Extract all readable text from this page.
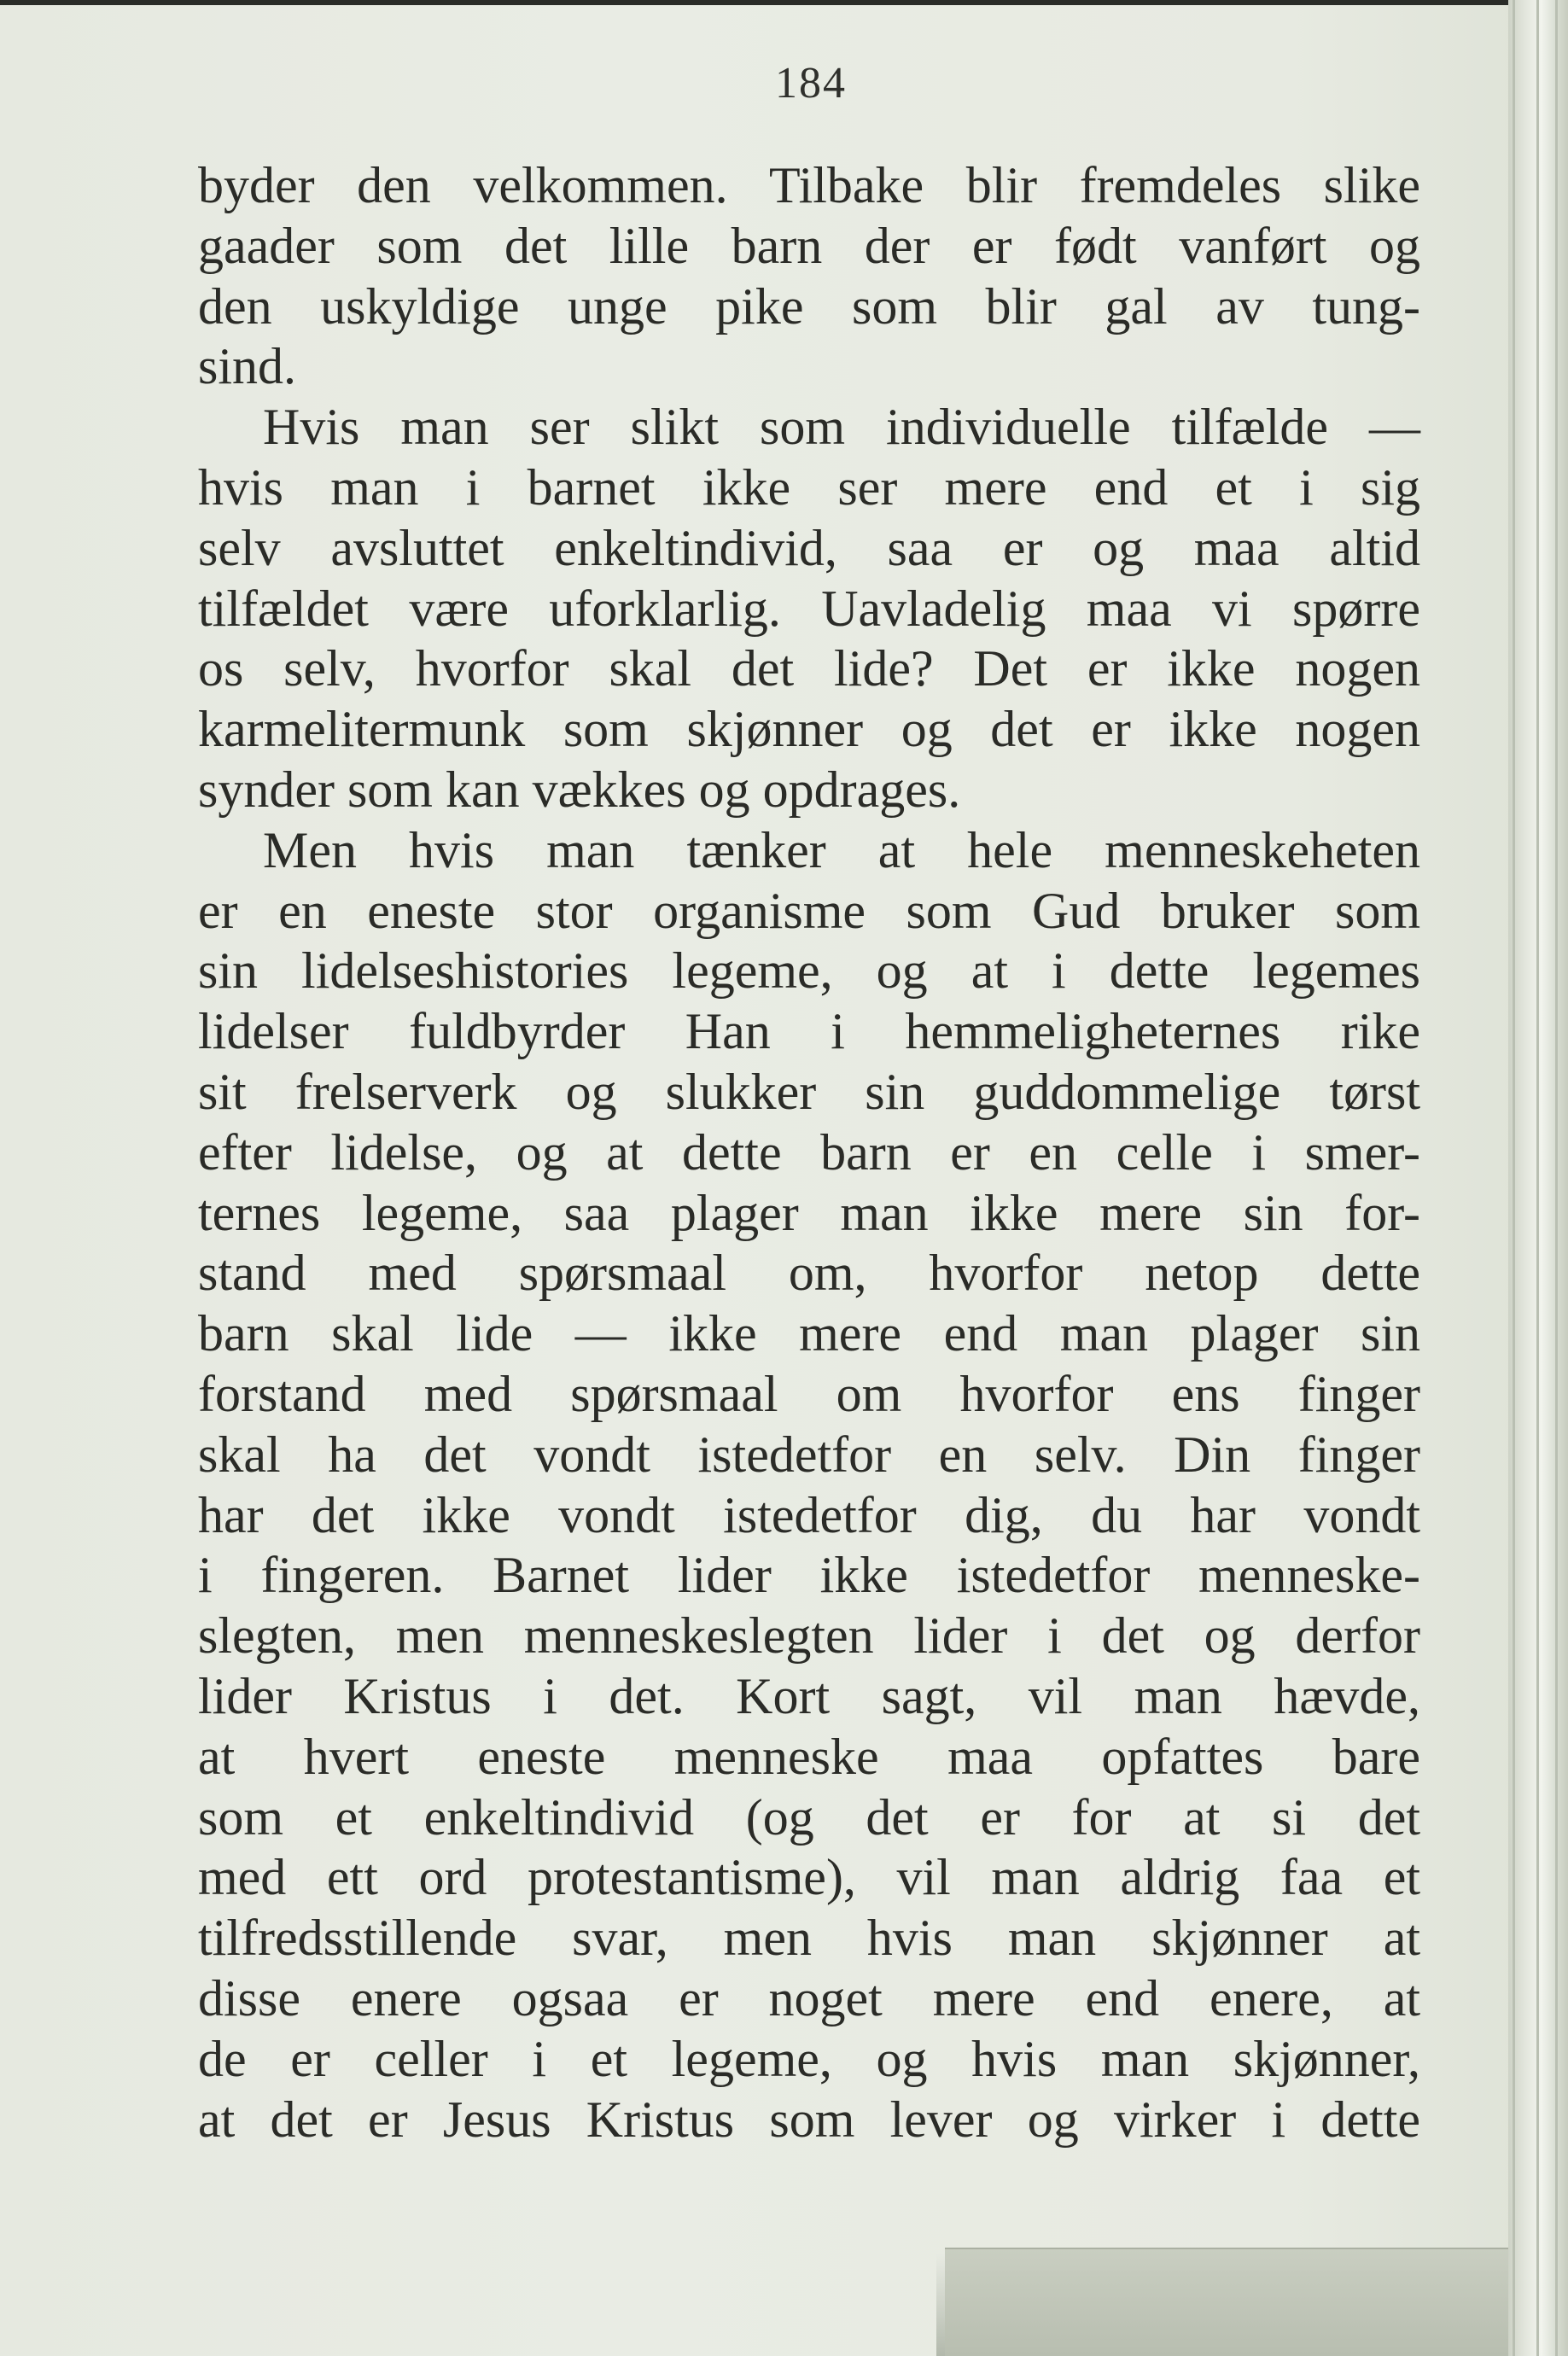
184
byder den velkommen. Tilbake blir fremdeles slike
gaader som det lille barn der er født vanført og
den uskyldige unge pike som blir gal av tung-
sind.
Hvis man ser slikt som individuelle tilfælde —
hvis man i barnet ikke ser mere end et i sig
selv avsluttet enkeltindivid, saa er og maa altid
tilfældet være uforklarlig. Uavladelig maa vi spørre
os selv, hvorfor skal det lide? Det er ikke nogen
karmelitermunk som skjønner og det er ikke nogen
synder som kan vækkes og opdrages.
Men hvis man tænker at hele menneskeheten
er en eneste stor organisme som Gud bruker som
sin lidelseshistories legeme, og at i dette legemes
lidelser fuldbyrder Han i hemmeligheternes rike
sit frelserverk og slukker sin guddommelige tørst
efter lidelse, og at dette barn er en celle i smer-
ternes legeme, saa plager man ikke mere sin for-
stand med spørsmaal om, hvorfor netop dette
barn skal lide — ikke mere end man plager sin
forstand med spørsmaal om hvorfor ens finger
skal ha det vondt istedetfor en selv. Din finger
har det ikke vondt istedetfor dig, du har vondt
i fingeren. Barnet lider ikke istedetfor menneske-
slegten, men menneskeslegten lider i det og derfor
lider Kristus i det. Kort sagt, vil man hævde,
at hvert eneste menneske maa opfattes bare
som et enkeltindivid (og det er for at si det
med ett ord protestantisme), vil man aldrig faa et
tilfredsstillende svar, men hvis man skjønner at
disse enere ogsaa er noget mere end enere, at
de er celler i et legeme, og hvis man skjønner,
at det er Jesus Kristus som lever og virker i dette
